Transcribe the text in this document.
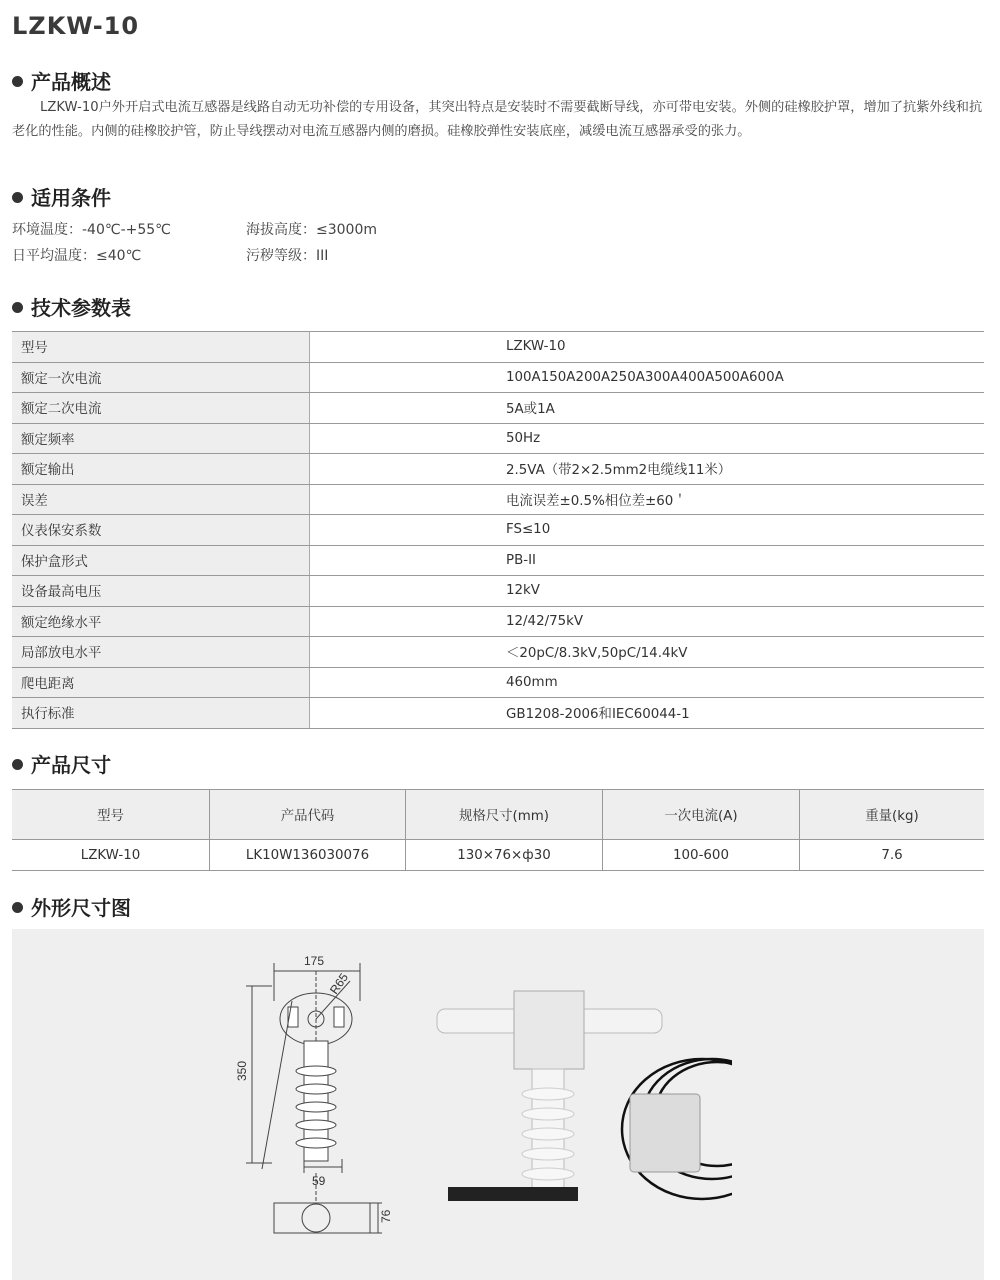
LZKW-10
产品概述
LZKW-10户外开启式电流互感器是线路自动无功补偿的专用设备，其突出特点是安装时不需要截断导线，亦可带电安装。外侧的硅橡胶护罩，增加了抗紫外线和抗老化的性能。内侧的硅橡胶护管，防止导线摆动对电流互感器内侧的磨损。硅橡胶弹性安装底座，减缓电流互感器承受的张力。
适用条件
环境温度：-40℃-+55℃	海拔高度：≤3000m
日平均温度：≤40℃	污秽等级：III
技术参数表
型号	LZKW-10
额定一次电流	100A150A200A250A300A400A500A600A
额定二次电流	5A或1A
额定频率	50Hz
额定输出	2.5VA（带2×2.5mm2电缆线11米）
误差	电流误差±0.5%相位差±60＇
仪表保安系数	FS≤10
保护盒形式	PB-II
设备最高电压	12kV
额定绝缘水平	12/42/75kV
局部放电水平	＜20pC/8.3kV,50pC/14.4kV
爬电距离	460mm
执行标准	GB1208-2006和IEC60044-1
产品尺寸
型号	产品代码	规格尺寸(mm)	一次电流(A)	重量(kg)
LZKW-10	LK10W136030076	130×76×ф30	100-600	7.6
外形尺寸图
175
R65
350
59
76
